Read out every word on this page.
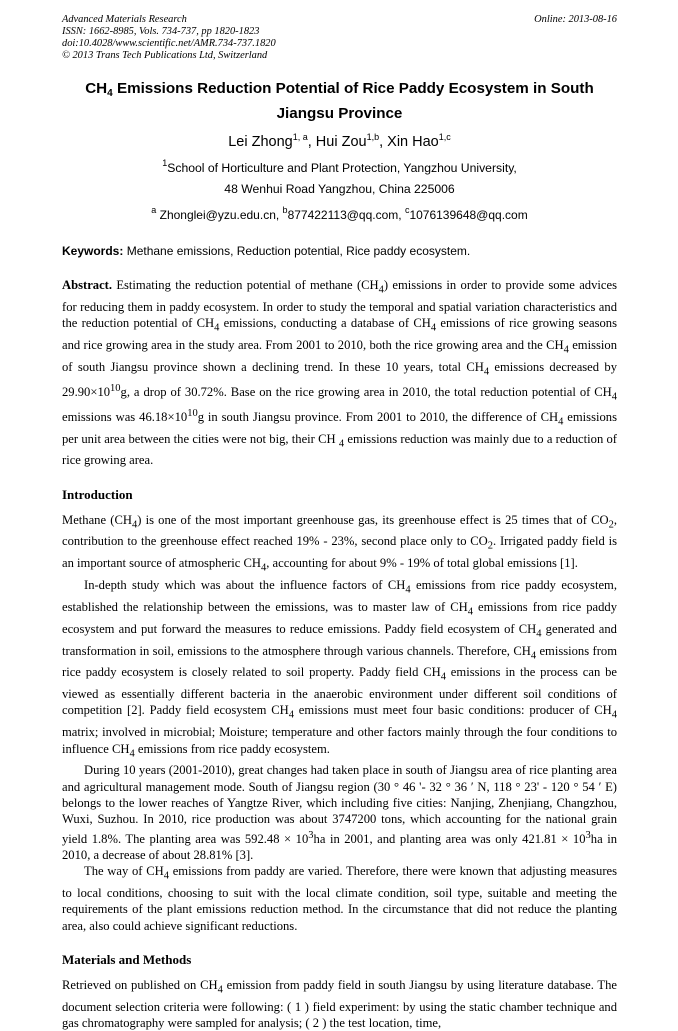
Advanced Materials Research
ISSN: 1662-8985, Vols. 734-737, pp 1820-1823
doi:10.4028/www.scientific.net/AMR.734-737.1820
© 2013 Trans Tech Publications Ltd, Switzerland
Online: 2013-08-16
$CH_4$ Emissions Reduction Potential of Rice Paddy Ecosystem in South Jiangsu Province
Lei Zhong$^{1, a}$, Hui Zou$^{1,b}$, Xin Hao$^{1,c}$
$^1$School of Horticulture and Plant Protection, Yangzhou University,
48 Wenhui Road Yangzhou, China 225006
$^a$ Zhonglei@yzu.edu.cn, $^b$877422113@qq.com, $^c$1076139648@qq.com
Keywords: Methane emissions, Reduction potential, Rice paddy ecosystem.

Abstract. Estimating the reduction potential of methane $(CH_4)$ emissions in order to provide some advices for reducing them in paddy ecosystem. In order to study the temporal and spatial variation characteristics and the reduction potential of $CH_4$ emissions, conducting a database of $CH_4$ emissions of rice growing seasons and rice growing area in the study area. From 2001 to 2010, both the rice growing area and the $CH_4$ emission of south Jiangsu province shown a declining trend. In these 10 years, total $CH_4$ emissions decreased by $29.90\times 10^{10}g$, a drop of 30.72%. Base on the rice growing area in 2010, the total reduction potential of $CH_4$ emissions was $46.18\times 10^{10}g$ in south Jiangsu province. From 2001 to 2010, the difference of $CH_4$ emissions per unit area between the cities were not big, their CH $_4$ emissions reduction was mainly due to a reduction of rice growing area.

Introduction

Methane $(CH_4)$ is one of the most important greenhouse gas, its greenhouse effect is 25 times that of $CO_2$, contribution to the greenhouse effect reached 19% - 23%, second place only to $CO_2$. Irrigated paddy field is an important source of atmospheric $CH_4$, accounting for about 9% - 19% of total global emissions [1].

In-depth study which was about the influence factors of $CH_4$ emissions from rice paddy ecosystem, established the relationship between the emissions, was to master law of $CH_4$ emissions from rice paddy ecosystem and put forward the measures to reduce emissions. Paddy field ecosystem of $CH_4$ generated and transformation in soil, emissions to the atmosphere through various channels. Therefore, $CH_4$ emissions from rice paddy ecosystem is closely related to soil property. Paddy field $CH_4$ emissions in the process can be viewed as essentially different bacteria in the anaerobic environment under different soil conditions of competition [2]. Paddy field ecosystem $CH_4$ emissions must meet four basic conditions: producer of $CH_4$ matrix; involved in microbial; Moisture; temperature and other factors mainly through the four conditions to influence $CH_4$ emissions from rice paddy ecosystem.

During 10 years (2001-2010), great changes had taken place in south of Jiangsu area of rice planting area and agricultural management mode. South of Jiangsu region (30 ° 46 '- 32 ° 36 ′ N, 118 ° 23' - 120 ° 54 ′ E) belongs to the lower reaches of Yangtze River, which including five cities: Nanjing, Zhenjiang, Changzhou, Wuxi, Suzhou. In 2010, rice production was about 3747200 tons, which accounting for the national grain yield 1.8%. The planting area was $592.48 \times 10^3ha$ in 2001, and planting area was only $421.81 \times 10^3ha$ in 2010, a decrease of about 28.81% [3].

The way of $CH_4$ emissions from paddy are varied. Therefore, there were known that adjusting measures to local conditions, choosing to suit with the local climate condition, soil type, suitable and meeting the requirements of the plant emissions reduction method. In the circumstance that did not reduce the planting area, also could achieve significant reductions.

Materials and Methods

Retrieved on published on $CH_4$ emission from paddy field in south Jiangsu by using literature database. The document selection criteria were following: ( 1 ) field experiment: by using the static chamber technique and gas chromatography were sampled for analysis; ( 2 ) the test location, time,
